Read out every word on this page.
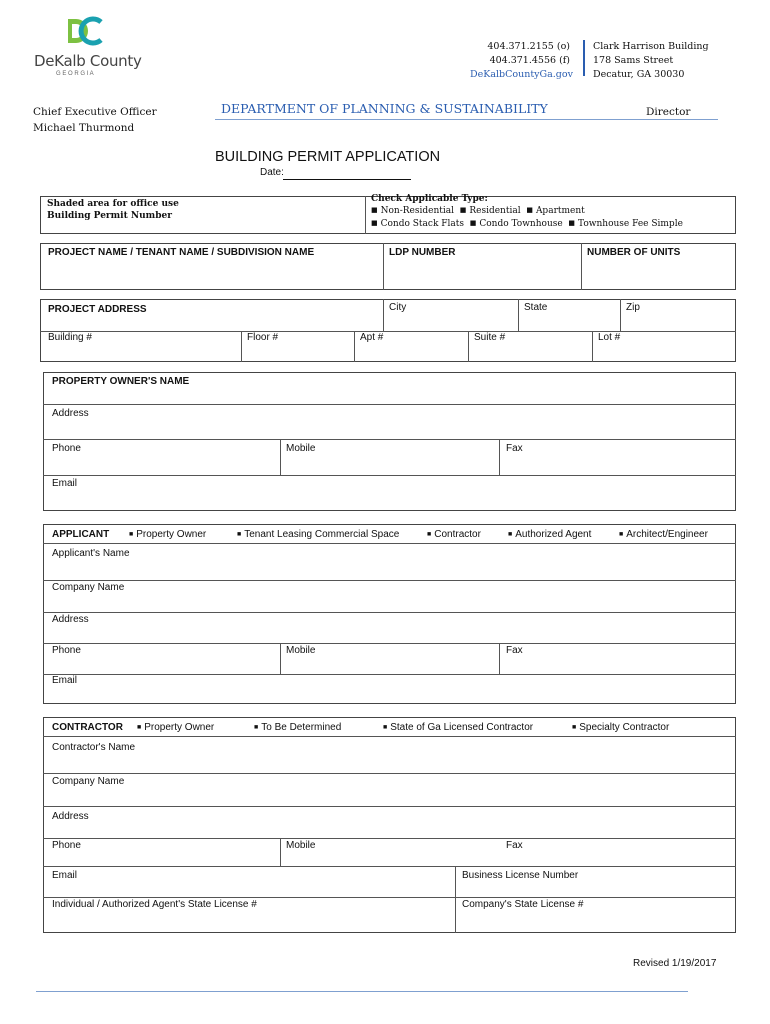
DeKalb County
G E O R G I A
404.371.2155 (o)
404.371.4556 (f)
DeKalbCountyGa.gov
Clark Harrison Building
178 Sams Street
Decatur, GA 30030
Chief Executive Officer
Michael Thurmond
DEPARTMENT OF PLANNING & SUSTAINABILITY	Director
BUILDING PERMIT APPLICATION
Date:
Shaded area for office use
Building Permit Number
Check Applicable Type:
■ Non-Residential ■ Residential ■ Apartment
■ Condo Stack Flats ■ Condo Townhouse ■ Townhouse Fee Simple
PROJECT NAME / TENANT NAME / SUBDIVISION NAME	LDP NUMBER	NUMBER OF UNITS
PROJECT ADDRESS	City	State	Zip
Building #	Floor #	Apt #	Suite #	Lot #
PROPERTY OWNER'S NAME
Address
Phone	Mobile	Fax
Email
APPLICANT	■ Property Owner	■ Tenant Leasing Commercial Space	■ Contractor	■ Authorized Agent	■ Architect/Engineer
Applicant's Name
Company Name
Address
Phone	Mobile	Fax
Email
CONTRACTOR	■ Property Owner	■ To Be Determined	■ State of Ga Licensed Contractor	■ Specialty Contractor
Contractor's Name
Company Name
Address
Phone	Mobile	Fax
Email	Business License Number
Individual / Authorized Agent's State License #	Company's State License #
Revised 1/19/2017
